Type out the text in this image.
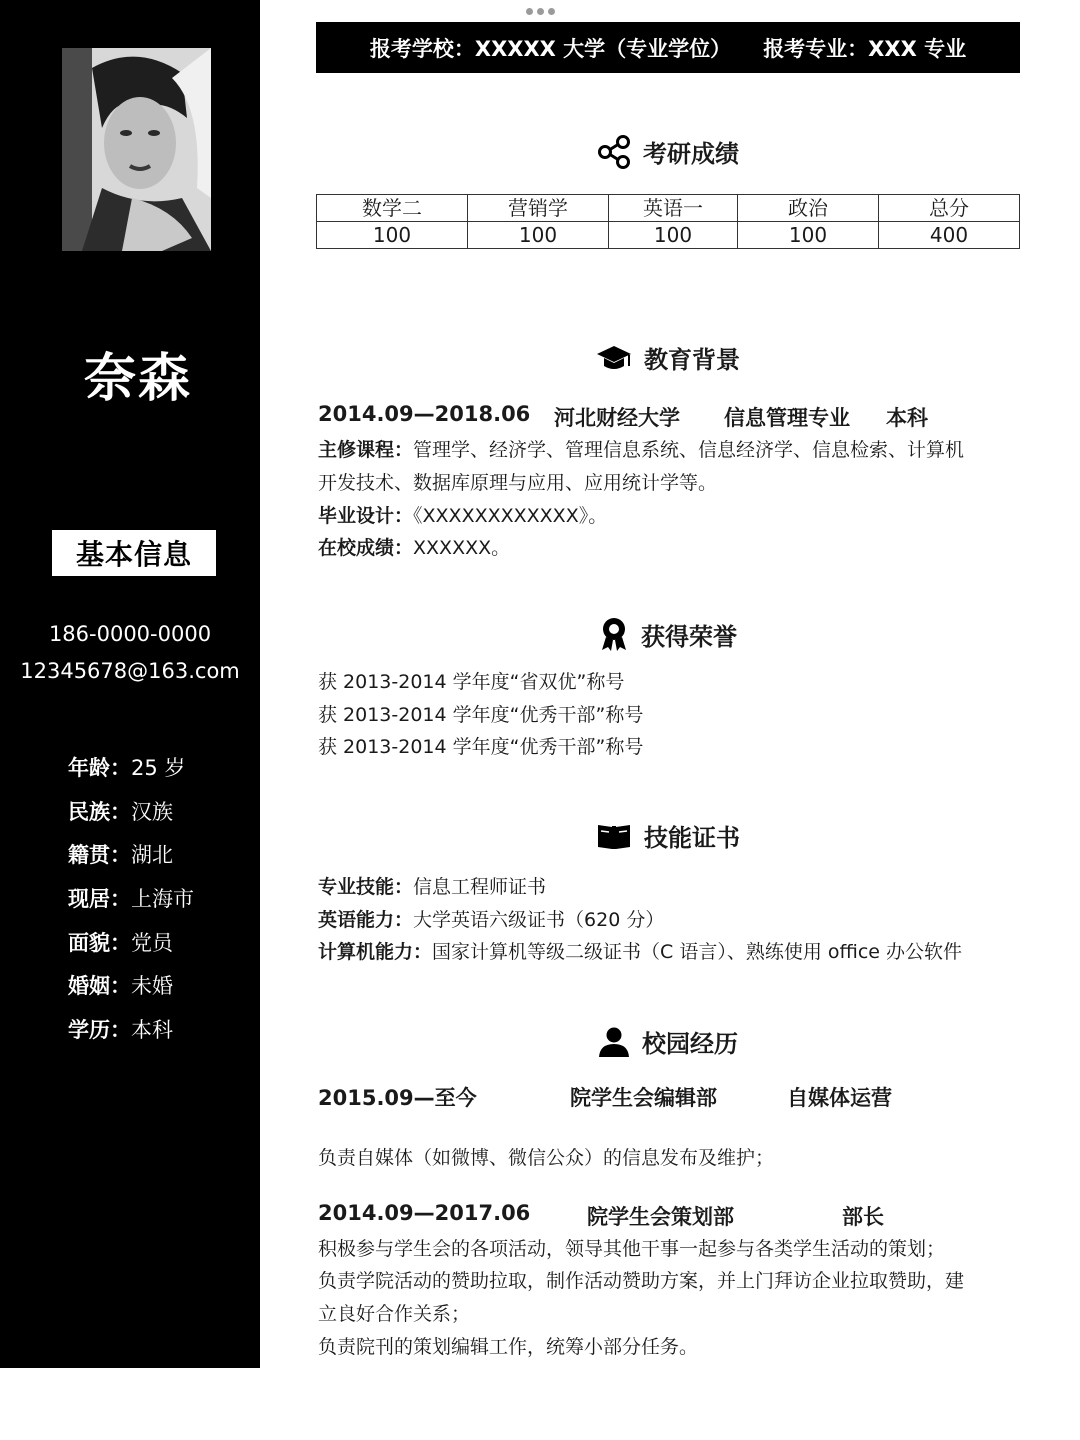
奈森
基本信息
186-0000-0000
12345678@163.com
年龄：25 岁
民族：汉族
籍贯：湖北
现居：上海市
面貌：党员
婚姻：未婚
学历：本科
报考学校：XXXXX 大学（专业学位） 报考专业：XXX 专业
考研成绩
数学二	营销学	英语一	政治	总分
100	100	100	100	400
教育背景
2014.09—2018.06 河北财经大学 信息管理专业 本科
主修课程：管理学、经济学、管理信息系统、信息经济学、信息检索、计算机
开发技术、数据库原理与应用、应用统计学等。
毕业设计：《XXXXXXXXXXXX》。
在校成绩：XXXXXX。
获得荣誉
获 2013-2014 学年度“省双优”称号
获 2013-2014 学年度“优秀干部”称号
获 2013-2014 学年度“优秀干部”称号
技能证书
专业技能：信息工程师证书
英语能力：大学英语六级证书（620 分）
计算机能力：国家计算机等级二级证书（C 语言）、熟练使用 office 办公软件
校园经历
2015.09—至今	院学生会编辑部	自媒体运营
负责自媒体（如微博、微信公众）的信息发布及维护；
2014.09—2017.06	院学生会策划部	部长
积极参与学生会的各项活动，领导其他干事一起参与各类学生活动的策划；
负责学院活动的赞助拉取，制作活动赞助方案，并上门拜访企业拉取赞助，建
立良好合作关系；
负责院刊的策划编辑工作，统筹小部分任务。
